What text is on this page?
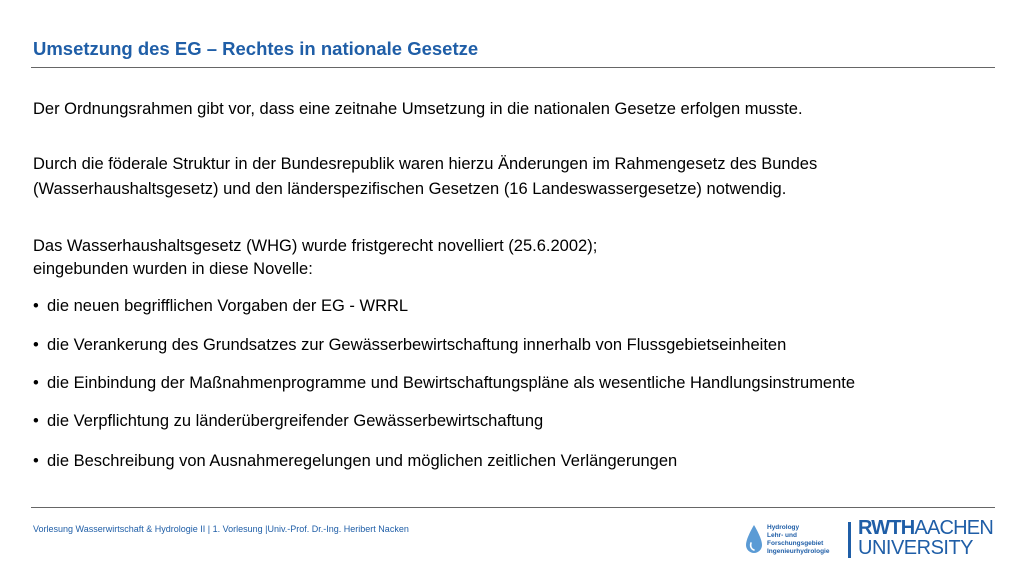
Umsetzung des EG – Rechtes in nationale Gesetze
Der Ordnungsrahmen gibt vor, dass eine zeitnahe Umsetzung in die nationalen Gesetze erfolgen musste.
Durch die föderale Struktur in der Bundesrepublik waren hierzu Änderungen im Rahmengesetz des Bundes
(Wasserhaushaltsgesetz) und den länderspezifischen Gesetzen (16 Landeswassergesetze) notwendig.
Das Wasserhaushaltsgesetz (WHG) wurde fristgerecht novelliert (25.6.2002);
eingebunden wurden in diese Novelle:
• die neuen begrifflichen Vorgaben der EG - WRRL
• die Verankerung des Grundsatzes zur Gewässerbewirtschaftung innerhalb von Flussgebietseinheiten
• die Einbindung der Maßnahmenprogramme und Bewirtschaftungspläne als wesentliche Handlungsinstrumente
• die Verpflichtung zu länderübergreifender Gewässerbewirtschaftung
• die Beschreibung von Ausnahmeregelungen und möglichen zeitlichen Verlängerungen
Vorlesung Wasserwirtschaft & Hydrologie II | 1. Vorlesung |Univ.-Prof. Dr.-Ing. Heribert Nacken	Hydrology
Lehr- und
Forschungsgebiet
Ingenieurhydrologie
RWTHAACHEN
UNIVERSITY
